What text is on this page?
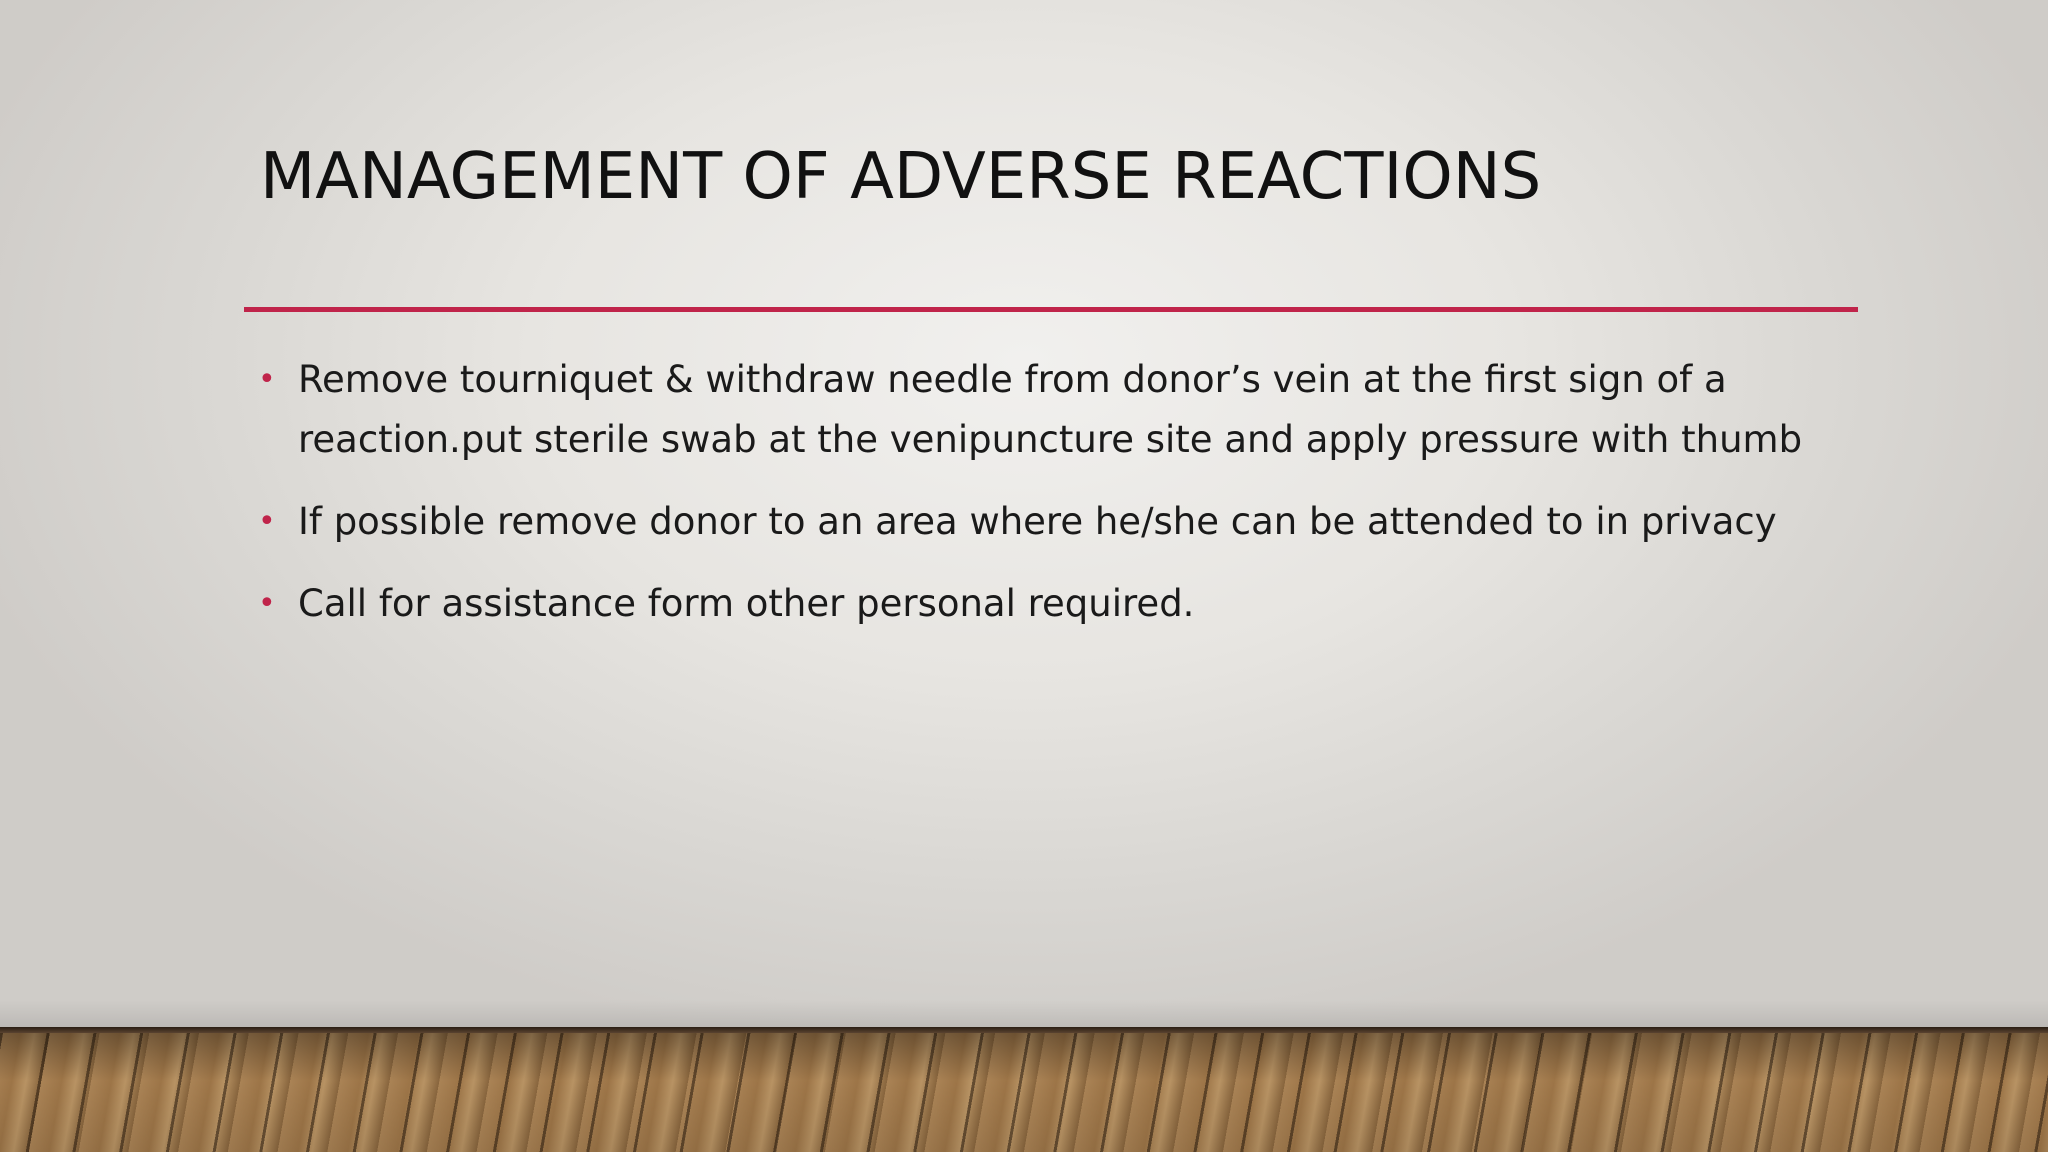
MANAGEMENT OF ADVERSE REACTIONS
• Remove tourniquet & withdraw needle from donor’s vein at the first sign of a reaction.put sterile swab at the venipuncture site and apply pressure with thumb
• If possible remove donor to an area where he/she can be attended to in privacy
• Call for assistance form other personal required.
